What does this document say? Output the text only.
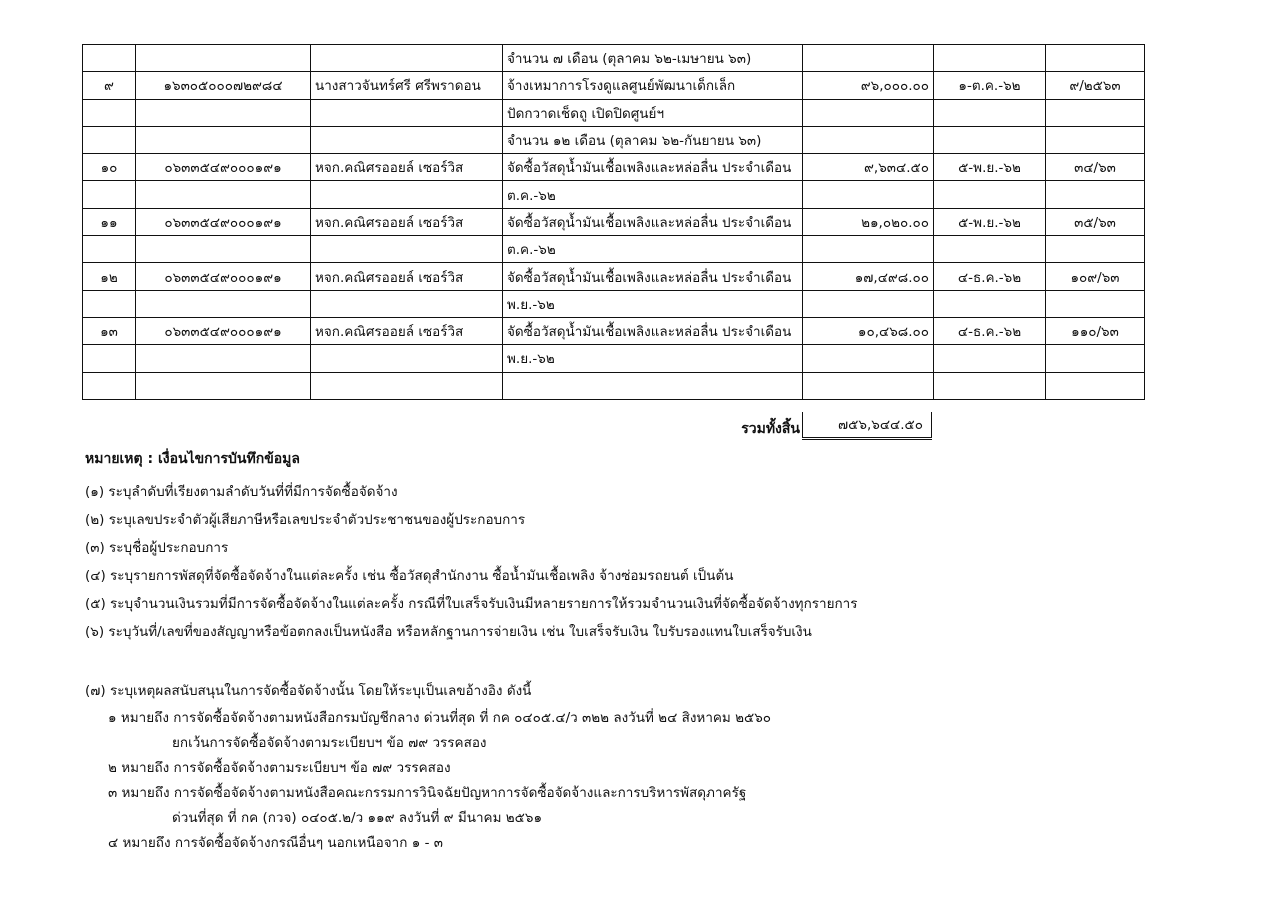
			จำนวน ๗ เดือน (ตุลาคม ๖๒-เมษายน ๖๓)			
๙	๑๖๓๐๕๐๐๐๗๒๙๘๔	นางสาวจันทร์ศรี ศรีพราดอน	จ้างเหมาการโรงดูแลศูนย์พัฒนาเด็กเล็ก	๙๖,๐๐๐.๐๐	๑-ต.ค.-๖๒	๙/๒๕๖๓
			ปัดกวาดเช็ดถู เปิดปิดศูนย์ฯ			
			จำนวน ๑๒ เดือน (ตุลาคม ๖๒-กันยายน ๖๓)			
๑๐	๐๖๓๓๕๔๙๐๐๐๑๙๑	หจก.คณิศรออยล์ เซอร์วิส	จัดซื้อวัสดุน้ำมันเชื้อเพลิงและหล่อลื่น ประจำเดือน	๙,๖๓๔.๕๐	๕-พ.ย.-๖๒	๓๔/๖๓
			ต.ค.-๖๒			
๑๑	๐๖๓๓๕๔๙๐๐๐๑๙๑	หจก.คณิศรออยล์ เซอร์วิส	จัดซื้อวัสดุน้ำมันเชื้อเพลิงและหล่อลื่น ประจำเดือน	๒๑,๐๒๐.๐๐	๕-พ.ย.-๖๒	๓๕/๖๓
			ต.ค.-๖๒			
๑๒	๐๖๓๓๕๔๙๐๐๐๑๙๑	หจก.คณิศรออยล์ เซอร์วิส	จัดซื้อวัสดุน้ำมันเชื้อเพลิงและหล่อลื่น ประจำเดือน	๑๗,๔๙๘.๐๐	๔-ธ.ค.-๖๒	๑๐๙/๖๓
			พ.ย.-๖๒			
๑๓	๐๖๓๓๕๔๙๐๐๐๑๙๑	หจก.คณิศรออยล์ เซอร์วิส	จัดซื้อวัสดุน้ำมันเชื้อเพลิงและหล่อลื่น ประจำเดือน	๑๐,๔๖๘.๐๐	๔-ธ.ค.-๖๒	๑๑๐/๖๓
			พ.ย.-๖๒			

รวมทั้งสิ้น	๗๕๖,๖๔๔.๕๐
หมายเหตุ : เงื่อนไขการบันทึกข้อมูล
(๑) ระบุลำดับที่เรียงตามลำดับวันที่ที่มีการจัดซื้อจัดจ้าง
(๒) ระบุเลขประจำตัวผู้เสียภาษีหรือเลขประจำตัวประชาชนของผู้ประกอบการ
(๓) ระบุชื่อผู้ประกอบการ
(๔) ระบุรายการพัสดุที่จัดซื้อจัดจ้างในแต่ละครั้ง เช่น ซื้อวัสดุสำนักงาน ซื้อน้ำมันเชื้อเพลิง จ้างซ่อมรถยนต์ เป็นต้น
(๕) ระบุจำนวนเงินรวมที่มีการจัดซื้อจัดจ้างในแต่ละครั้ง กรณีที่ใบเสร็จรับเงินมีหลายรายการให้รวมจำนวนเงินที่จัดซื้อจัดจ้างทุกรายการ
(๖) ระบุวันที่/เลขที่ของสัญญาหรือข้อตกลงเป็นหนังสือ หรือหลักฐานการจ่ายเงิน เช่น ใบเสร็จรับเงิน ใบรับรองแทนใบเสร็จรับเงิน
(๗) ระบุเหตุผลสนับสนุนในการจัดซื้อจัดจ้างนั้น โดยให้ระบุเป็นเลขอ้างอิง ดังนี้
๑ หมายถึง การจัดซื้อจัดจ้างตามหนังสือกรมบัญชีกลาง ด่วนที่สุด ที่ กค ๐๔๐๕.๔/ว ๓๒๒ ลงวันที่ ๒๔ สิงหาคม ๒๕๖๐
ยกเว้นการจัดซื้อจัดจ้างตามระเบียบฯ ข้อ ๗๙ วรรคสอง
๒ หมายถึง การจัดซื้อจัดจ้างตามระเบียบฯ ข้อ ๗๙ วรรคสอง
๓ หมายถึง การจัดซื้อจัดจ้างตามหนังสือคณะกรรมการวินิจฉัยปัญหาการจัดซื้อจัดจ้างและการบริหารพัสดุภาครัฐ
ด่วนที่สุด ที่ กค (กวจ) ๐๔๐๕.๒/ว ๑๑๙ ลงวันที่ ๙ มีนาคม ๒๕๖๑
๔ หมายถึง การจัดซื้อจัดจ้างกรณีอื่นๆ นอกเหนือจาก ๑ - ๓
